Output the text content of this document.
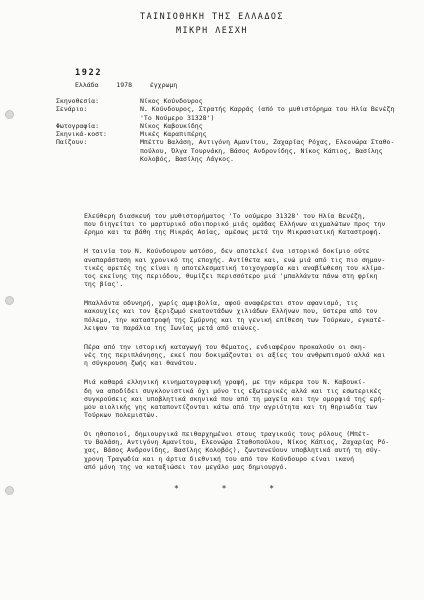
ΤΑΙΝΙΟΘΗΚΗ ΤΗΣ ΕΛΛΑΔΟΣ
ΜΙΚΡΗ ΛΕΣΧΗ
1922
Ελλάδα	1978	έγχρωμη
Σκηνοθεσία:	Νίκος Κούνδουρος
Σενάριο:	Ν. Κούνδουρος, Στρατής Καρράς (από το μυθιστόρημα του Ηλία Βενέζη
'Το Νούμερο 31328')
Φωτογραφία:	Νίκος Καβουκίδης
Σκηνικά-κοστ:	Μικές Καραπιπέρης
Παίζουν:	Μπέττυ Βαλάση, Αντιγόνη Αμανίτου, Ζαχαρίας Ρόχας, Ελεονώρα Σταθο-
πούλου, Όλγα Τουρνάκη, Βάσος Ανδρονίδης, Νίκος Κάπιος, Βασίλης
Κολοβός, Βασίλης Λάγκος.

Ελεύθερη διασκευή του μυθιστορήματος 'Το νούμερο 31328' του Ηλία Βενέζη,
που διηγείται το μαρτυρικό οδοιπορικό μιάς ομάδας Ελλήνων αιχμαλώτων προς την
έρημο και τα βάθη της Μικράς Ασίας, αμέσως μετά την Μικρασιατική Καταστροφή.

Η ταινία του Ν. Κούνδουρου ωστόσο, δεν αποτελεί ένα ιστορικό δοκίμιο ούτε
αναπαράσταση και χρονικό της εποχής. Αντίθετα και, ενώ μιά από τις πιο σημαν-
τικές αρετές της είναι η αποτελεσματική τοιχογραφία και αναβίωθεση του κλίμα-
τος εκείνης της περιόδου, θυμίζει περισσότερο μιά 'μπαλλάντα πάνω στη φρίκη
της βίας'.

Μπαλλάντα οδυνηρή, χωρίς αμφιβολία, αφού αναφέρεται στον αφανισμό, τις
κακουχίες και τον ξεριζωμό εκατοντάδων χιλιάδων Ελλήνων που, ύστερα από τον
πόλεμο, την καταστροφή της Σμύρνης και τη γενική επίθεση των Τούρκων, εγκατέ-
λειψαν τα παράλια της Ιωνίας μετά από αιώνες.

Πέρα από την ιστορική καταγωγή του θέματος, ενδιαφέρον προκαλούν οι σκη-
νές της περιπλάνησης, εκεί που δοκιμάζονται οι αξίες του ανθρωπισμού αλλά και
η σύγκρουση ζωής και θανάτου.

Μιά καθαρά ελληνική κινηματογραφική γραφή, με την κάμερα του Ν. Καβουκί-
δη να αποδίδει συγκλονιστικά όχι μόνο τις εξωτερικές αλλά και τις εσωτερικές
συγκρούσεις και υποβλητικά σκηνικά που από τη μαγεία και την ομορφιά της ερή-
μου αιολικής γης καταποντίζονται κάτω από την αγριότητα και τη θηριωδία των
Τούρκων πολεμιστών.

Οι ηθοποιοί, δημιουργικά πειθαρχημένοι στους τραγικούς τους ρόλους (Μπέτ-
τυ Βαλάση, Αντιγόνη Αμανίτου, Ελεονώρα Σταθοπούλου, Νίκος Κάπιος, Ζαχαρίας Ρό-
χας, Βάσος Ανδρονίδης, Βασίλης Κολοβός), ζωντανεύουν υποβλητικά αυτή τη σύγ-
χρονη Τραγωδία και η άρτια διεθνική του από τον Κούνδουρο είναι ικανή
από μόνη της να καταξιώσει τον μεγάλο μας δημιουργό.

* * *
